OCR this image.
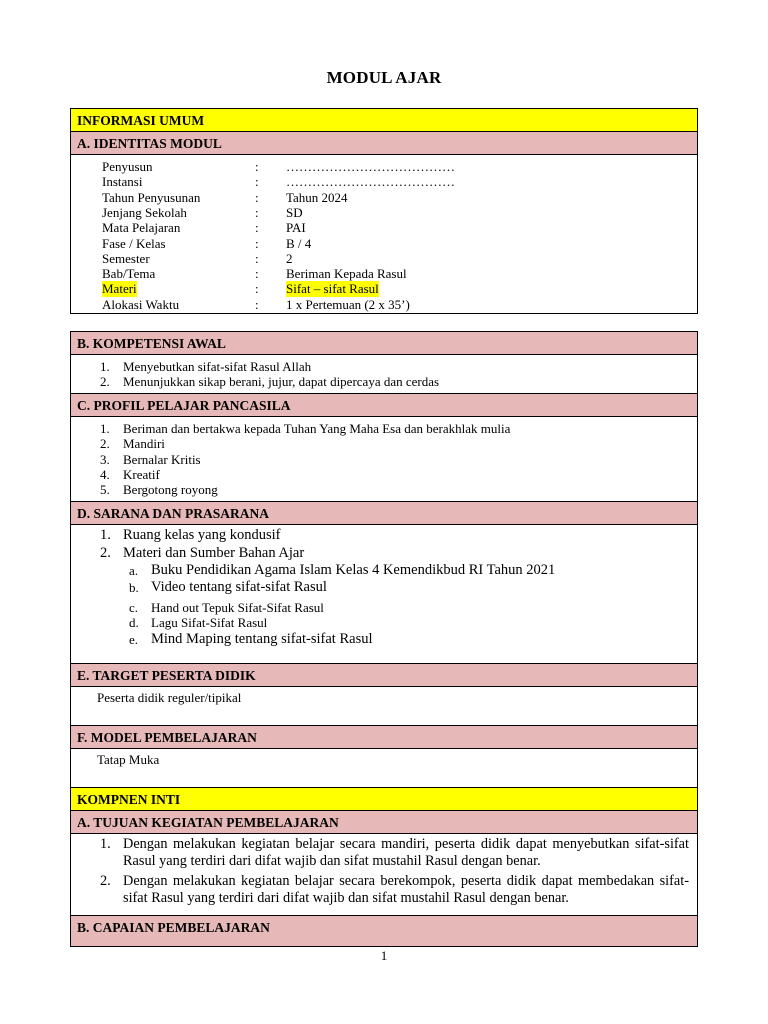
MODUL AJAR
INFORMASI UMUM
A. IDENTITAS MODUL
Penyusun	: …………………………………
Instansi	: …………………………………
Tahun Penyusunan	: Tahun 2024
Jenjang Sekolah	: SD
Mata Pelajaran	: PAI
Fase / Kelas	: B / 4
Semester	: 2
Bab/Tema	: Beriman Kepada Rasul
Materi	: Sifat – sifat Rasul
Alokasi Waktu	: 1 x Pertemuan (2 x 35’)
B. KOMPETENSI AWAL
1. Menyebutkan sifat-sifat Rasul Allah
2. Menunjukkan sikap berani, jujur, dapat dipercaya dan cerdas
C. PROFIL PELAJAR PANCASILA
1. Beriman dan bertakwa kepada Tuhan Yang Maha Esa dan berakhlak mulia
2. Mandiri
3. Bernalar Kritis
4. Kreatif
5. Bergotong royong
D. SARANA DAN PRASARANA
1. Ruang kelas yang kondusif
2. Materi dan Sumber Bahan Ajar
a. Buku Pendidikan Agama Islam Kelas 4 Kemendikbud RI Tahun 2021
b. Video tentang sifat-sifat Rasul
c. Hand out Tepuk Sifat-Sifat Rasul
d. Lagu Sifat-Sifat Rasul
e. Mind Maping tentang sifat-sifat Rasul
E. TARGET PESERTA DIDIK
Peserta didik reguler/tipikal
F. MODEL PEMBELAJARAN
Tatap Muka
KOMPNEN INTI
A. TUJUAN KEGIATAN PEMBELAJARAN
1. Dengan melakukan kegiatan belajar secara mandiri, peserta didik dapat menyebutkan sifat-sifat Rasul yang terdiri dari difat wajib dan sifat mustahil Rasul dengan benar.
2. Dengan melakukan kegiatan belajar secara berekompok, peserta didik dapat membedakan sifat-sifat Rasul yang terdiri dari difat wajib dan sifat mustahil Rasul dengan benar.
B. CAPAIAN PEMBELAJARAN
1
